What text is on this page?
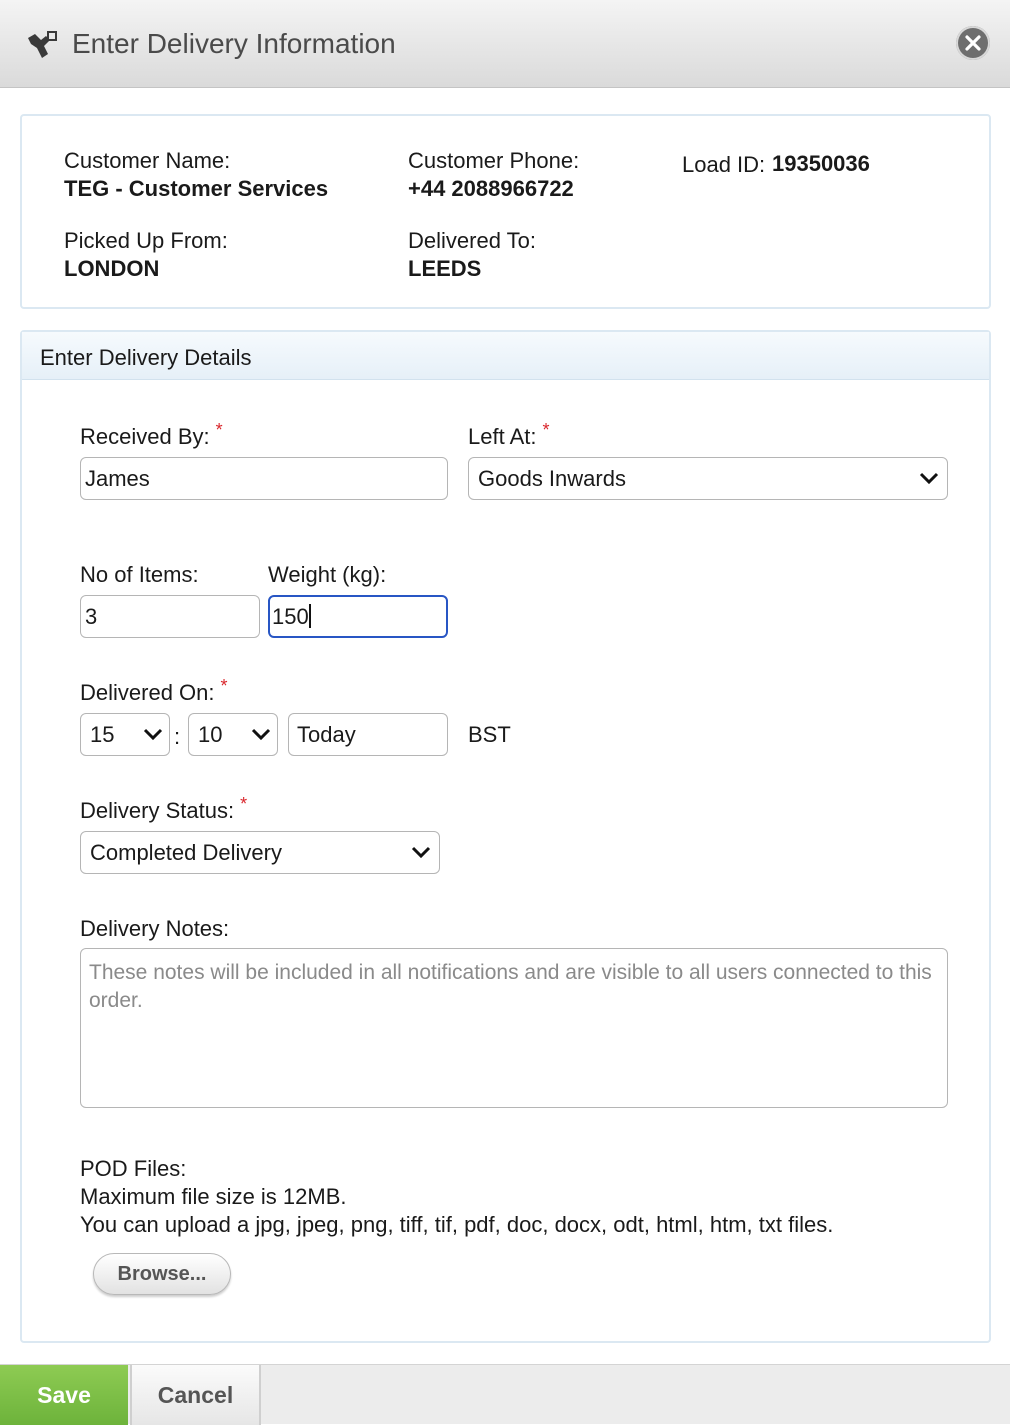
Enter Delivery Information
Customer Name:
TEG - Customer Services
Customer Phone:
+44 2088966722
Load ID: 19350036
Picked Up From:
LONDON
Delivered To:
LEEDS
Enter Delivery Details
Received By: *
James
Left At: *
Goods Inwards
No of Items:
3
Weight (kg):
150
Delivered On: *
15	: 10	Today	BST
Delivery Status: *
Completed Delivery
Delivery Notes:
These notes will be included in all notifications and are visible to all users connected to this order.
POD Files:
Maximum file size is 12MB.
You can upload a jpg, jpeg, png, tiff, tif, pdf, doc, docx, odt, html, htm, txt files.
Browse...
Save	Cancel
